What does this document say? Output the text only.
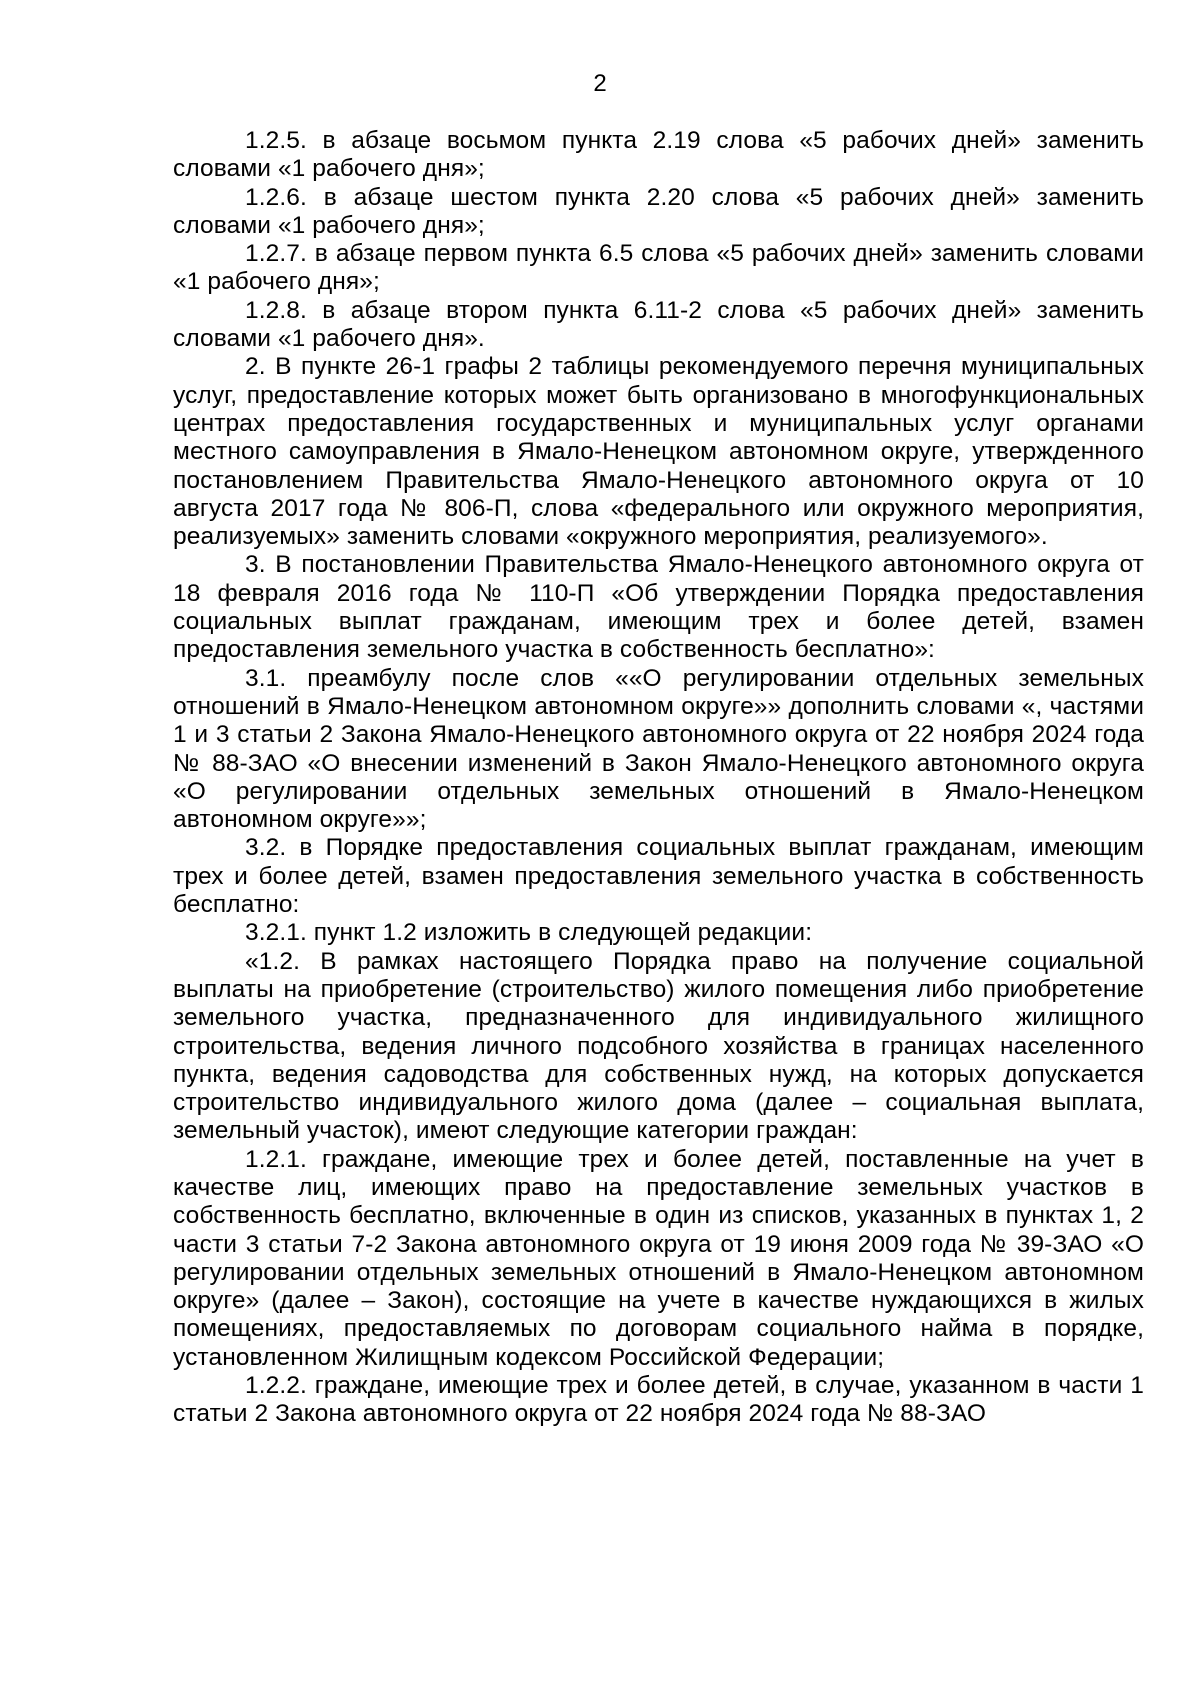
2

1.2.5. в абзаце восьмом пункта 2.19 слова «5 рабочих дней» заменить словами «1 рабочего дня»;

1.2.6. в абзаце шестом пункта 2.20 слова «5 рабочих дней» заменить словами «1 рабочего дня»;

1.2.7. в абзаце первом пункта 6.5 слова «5 рабочих дней» заменить словами «1 рабочего дня»;

1.2.8. в абзаце втором пункта 6.11-2 слова «5 рабочих дней» заменить словами «1 рабочего дня».

2. В пункте 26-1 графы 2 таблицы рекомендуемого перечня муниципальных услуг, предоставление которых может быть организовано в многофункциональных центрах предоставления государственных и муниципальных услуг органами местного самоуправления в Ямало-Ненецком автономном округе, утвержденного постановлением Правительства Ямало-Ненецкого автономного округа от 10 августа 2017 года № 806-П, слова «федерального или окружного мероприятия, реализуемых» заменить словами «окружного мероприятия, реализуемого».

3. В постановлении Правительства Ямало-Ненецкого автономного округа от 18 февраля 2016 года № 110-П «Об утверждении Порядка предоставления социальных выплат гражданам, имеющим трех и более детей, взамен предоставления земельного участка в собственность бесплатно»:

3.1. преамбулу после слов ««О регулировании отдельных земельных отношений в Ямало-Ненецком автономном округе»» дополнить словами «, частями 1 и 3 статьи 2 Закона Ямало-Ненецкого автономного округа от 22 ноября 2024 года № 88-ЗАО «О внесении изменений в Закон Ямало-Ненецкого автономного округа «О регулировании отдельных земельных отношений в Ямало-Ненецком автономном округе»»;

3.2. в Порядке предоставления социальных выплат гражданам, имеющим трех и более детей, взамен предоставления земельного участка в собственность бесплатно:

3.2.1. пункт 1.2 изложить в следующей редакции:

«1.2. В рамках настоящего Порядка право на получение социальной выплаты на приобретение (строительство) жилого помещения либо приобретение земельного участка, предназначенного для индивидуального жилищного строительства, ведения личного подсобного хозяйства в границах населенного пункта, ведения садоводства для собственных нужд, на которых допускается строительство индивидуального жилого дома (далее – социальная выплата, земельный участок), имеют следующие категории граждан:

1.2.1. граждане, имеющие трех и более детей, поставленные на учет в качестве лиц, имеющих право на предоставление земельных участков в собственность бесплатно, включенные в один из списков, указанных в пунктах 1, 2 части 3 статьи 7-2 Закона автономного округа от 19 июня 2009 года № 39-ЗАО «О регулировании отдельных земельных отношений в Ямало-Ненецком автономном округе» (далее – Закон), состоящие на учете в качестве нуждающихся в жилых помещениях, предоставляемых по договорам социального найма в порядке, установленном Жилищным кодексом Российской Федерации;

1.2.2. граждане, имеющие трех и более детей, в случае, указанном в части 1 статьи 2 Закона автономного округа от 22 ноября 2024 года № 88-ЗАО
